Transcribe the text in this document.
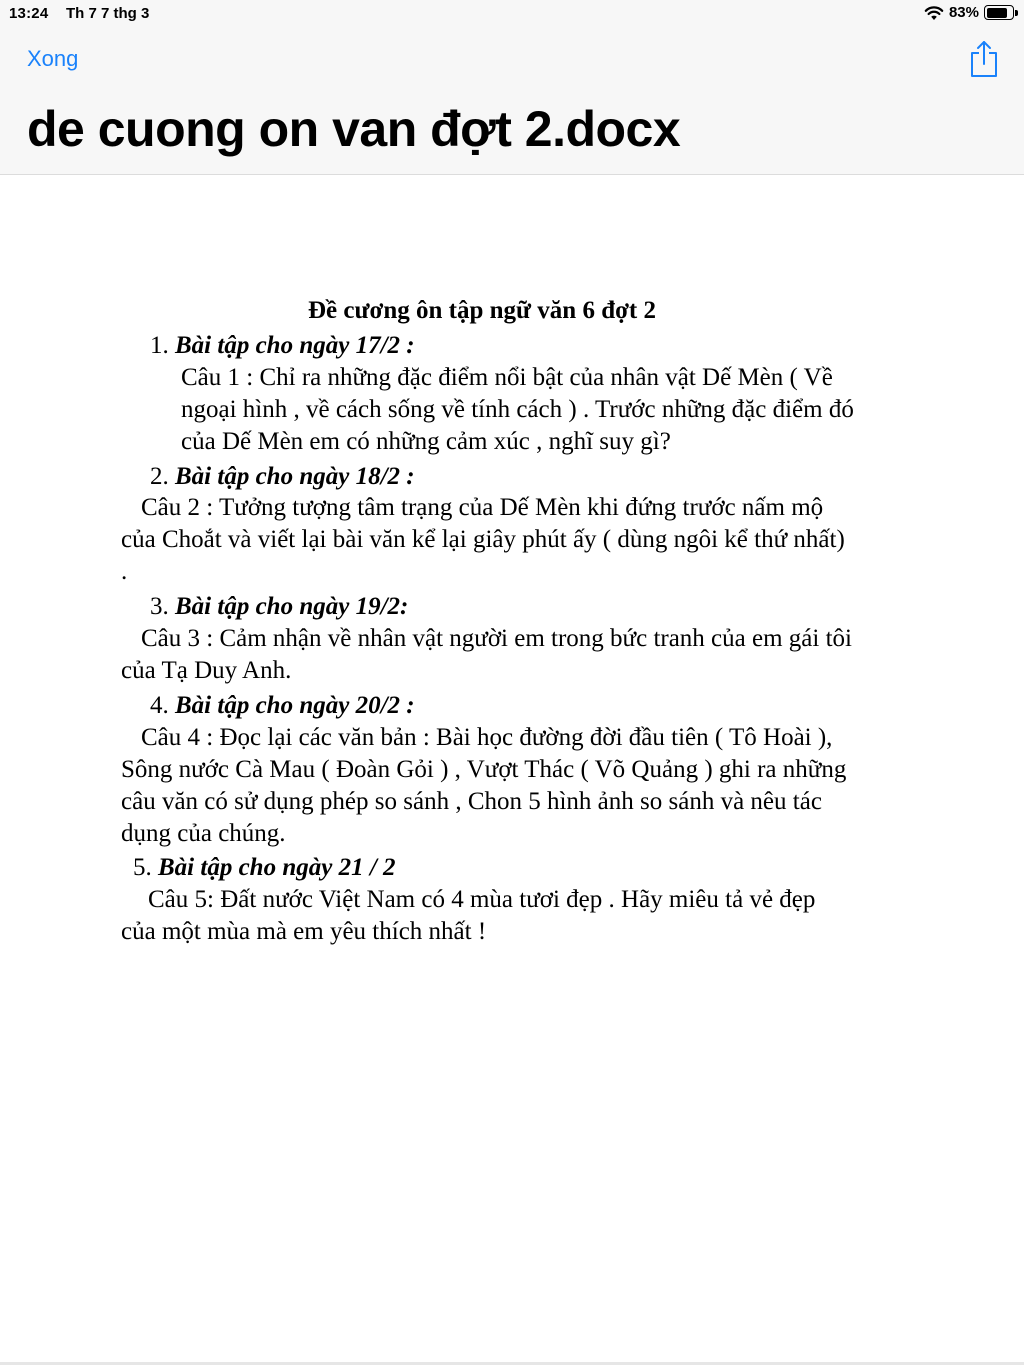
13:24 Th 7 7 thg 3	83%
Xong
de cuong on van đợt 2.docx
Đề cương ôn tập ngữ văn 6 đợt 2
1. Bài tập cho ngày 17/2 :
Câu 1 : Chỉ ra những đặc điểm nổi bật của nhân vật Dế Mèn ( Về
ngoại hình , về cách sống về tính cách ) . Trước những đặc điểm đó
của Dế Mèn em có những cảm xúc , nghĩ suy gì?
2. Bài tập cho ngày 18/2 :
Câu 2 : Tưởng tượng tâm trạng của Dế Mèn khi đứng trước nấm mộ
của Choắt và viết lại bài văn kể lại giây phút ấy ( dùng ngôi kể thứ nhất)
.
3. Bài tập cho ngày 19/2:
Câu 3 : Cảm nhận về nhân vật người em trong bức tranh của em gái tôi
của Tạ Duy Anh.
4. Bài tập cho ngày 20/2 :
Câu 4 : Đọc lại các văn bản : Bài học đường đời đầu tiên ( Tô Hoài ),
Sông nước Cà Mau ( Đoàn Gỏi ) , Vượt Thác ( Võ Quảng ) ghi ra những
câu văn có sử dụng phép so sánh , Chon 5 hình ảnh so sánh và nêu tác
dụng của chúng.
5. Bài tập cho ngày 21 / 2
Câu 5: Đất nước Việt Nam có 4 mùa tươi đẹp . Hãy miêu tả vẻ đẹp
của một mùa mà em yêu thích nhất !
